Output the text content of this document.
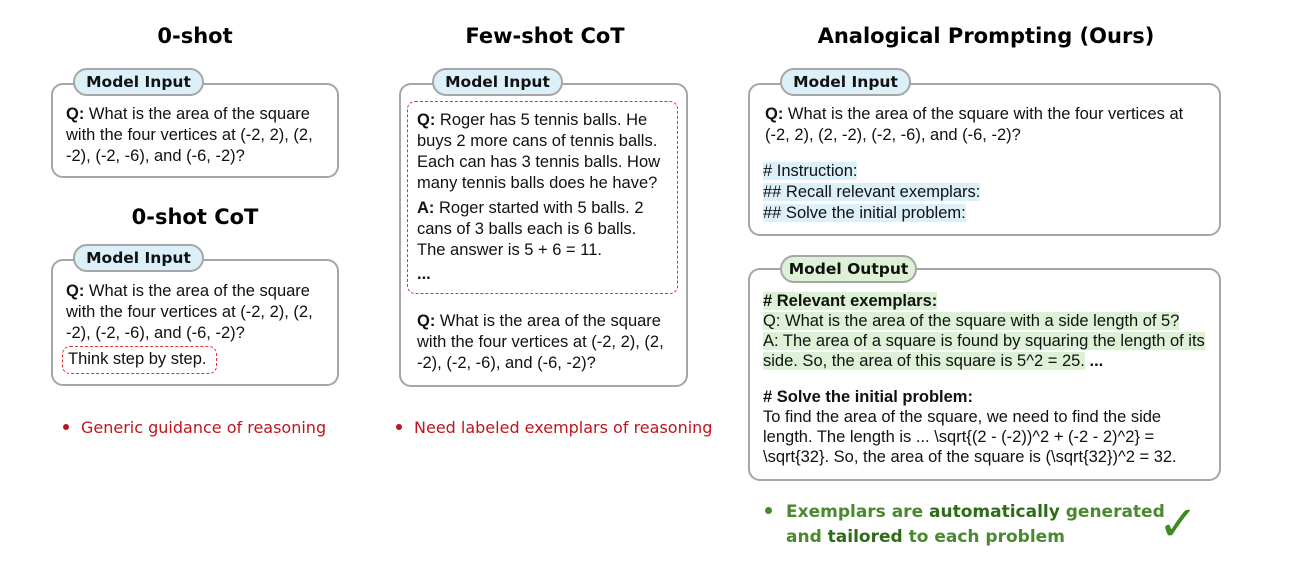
0-shot
Model Input
Q: What is the area of the square
with the four vertices at (-2, 2), (2,
-2), (-2, -6), and (-6, -2)?
0-shot CoT
Model Input
Q: What is the area of the square
with the four vertices at (-2, 2), (2,
-2), (-2, -6), and (-6, -2)?
Think step by step.
Generic guidance of reasoning
Few-shot CoT
Model Input
Q: Roger has 5 tennis balls. He
buys 2 more cans of tennis balls.
Each can has 3 tennis balls. How
many tennis balls does he have?
A: Roger started with 5 balls. 2
cans of 3 balls each is 6 balls.
The answer is 5 + 6 = 11.
...
Q: What is the area of the square
with the four vertices at (-2, 2), (2,
-2), (-2, -6), and (-6, -2)?
Need labeled exemplars of reasoning
Analogical Prompting (Ours)
Model Input
Q: What is the area of the square with the four vertices at
(-2, 2), (2, -2), (-2, -6), and (-6, -2)?
# Instruction:
## Recall relevant exemplars:
## Solve the initial problem:
Model Output
# Relevant exemplars:
Q: What is the area of the square with a side length of 5?
A: The area of a square is found by squaring the length of its
side. So, the area of this square is 5^2 = 25. ...
# Solve the initial problem:
To find the area of the square, we need to find the side
length. The length is ... \sqrt{(2 - (-2))^2 + (-2 - 2)^2} =
\sqrt{32}. So, the area of the square is (\sqrt{32})^2 = 32.
Exemplars are automatically generated
and tailored to each problem	✓
